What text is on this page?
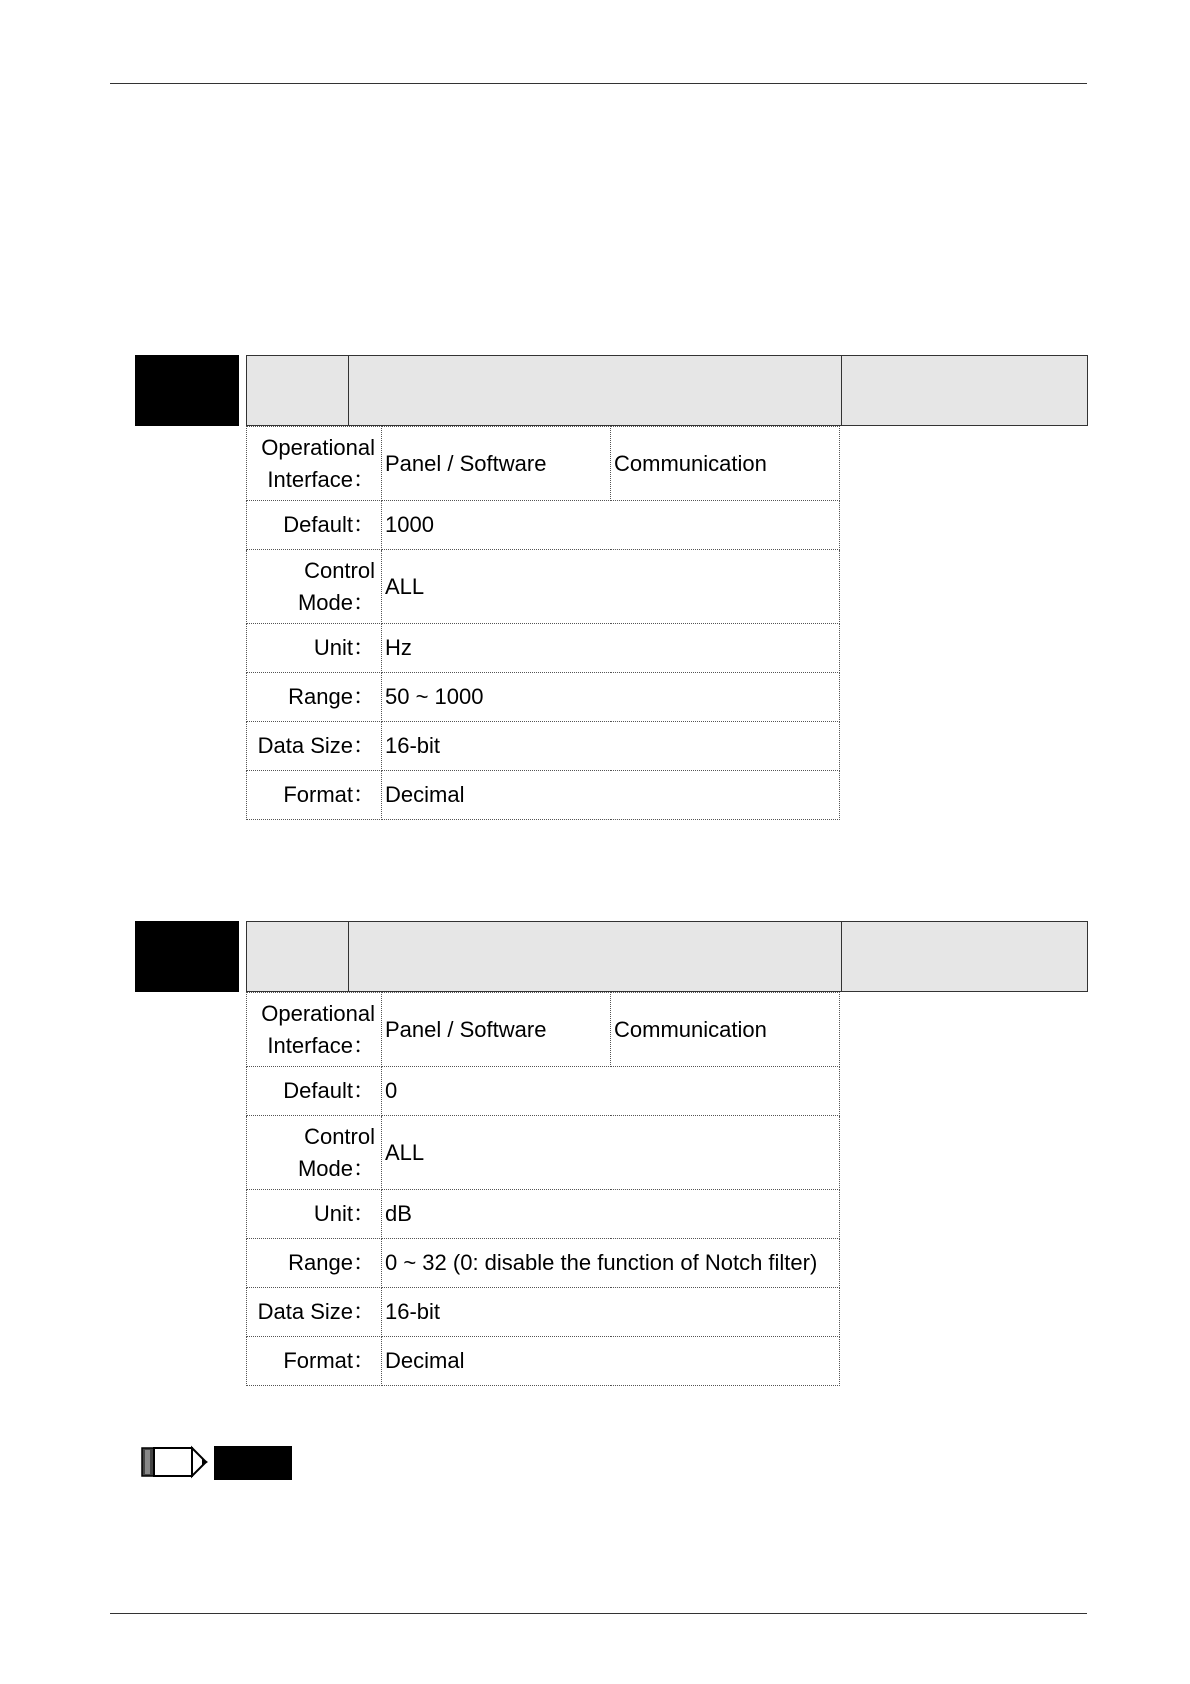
Operational
Interface：	Panel / Software	Communication
Default：	1000	

Control
Mode：	ALL	
Unit：	Hz	
Range：	50 ~ 1000	
Data Size：	16-bit	
Format：	Decimal	
Operational
Interface：	Panel / Software	Communication
Default：	0	

Control
Mode：	ALL	
Unit：	dB	
Range：	0 ~ 32 (0: disable the function of Notch filter)	
Data Size：	16-bit	
Format：	Decimal	
